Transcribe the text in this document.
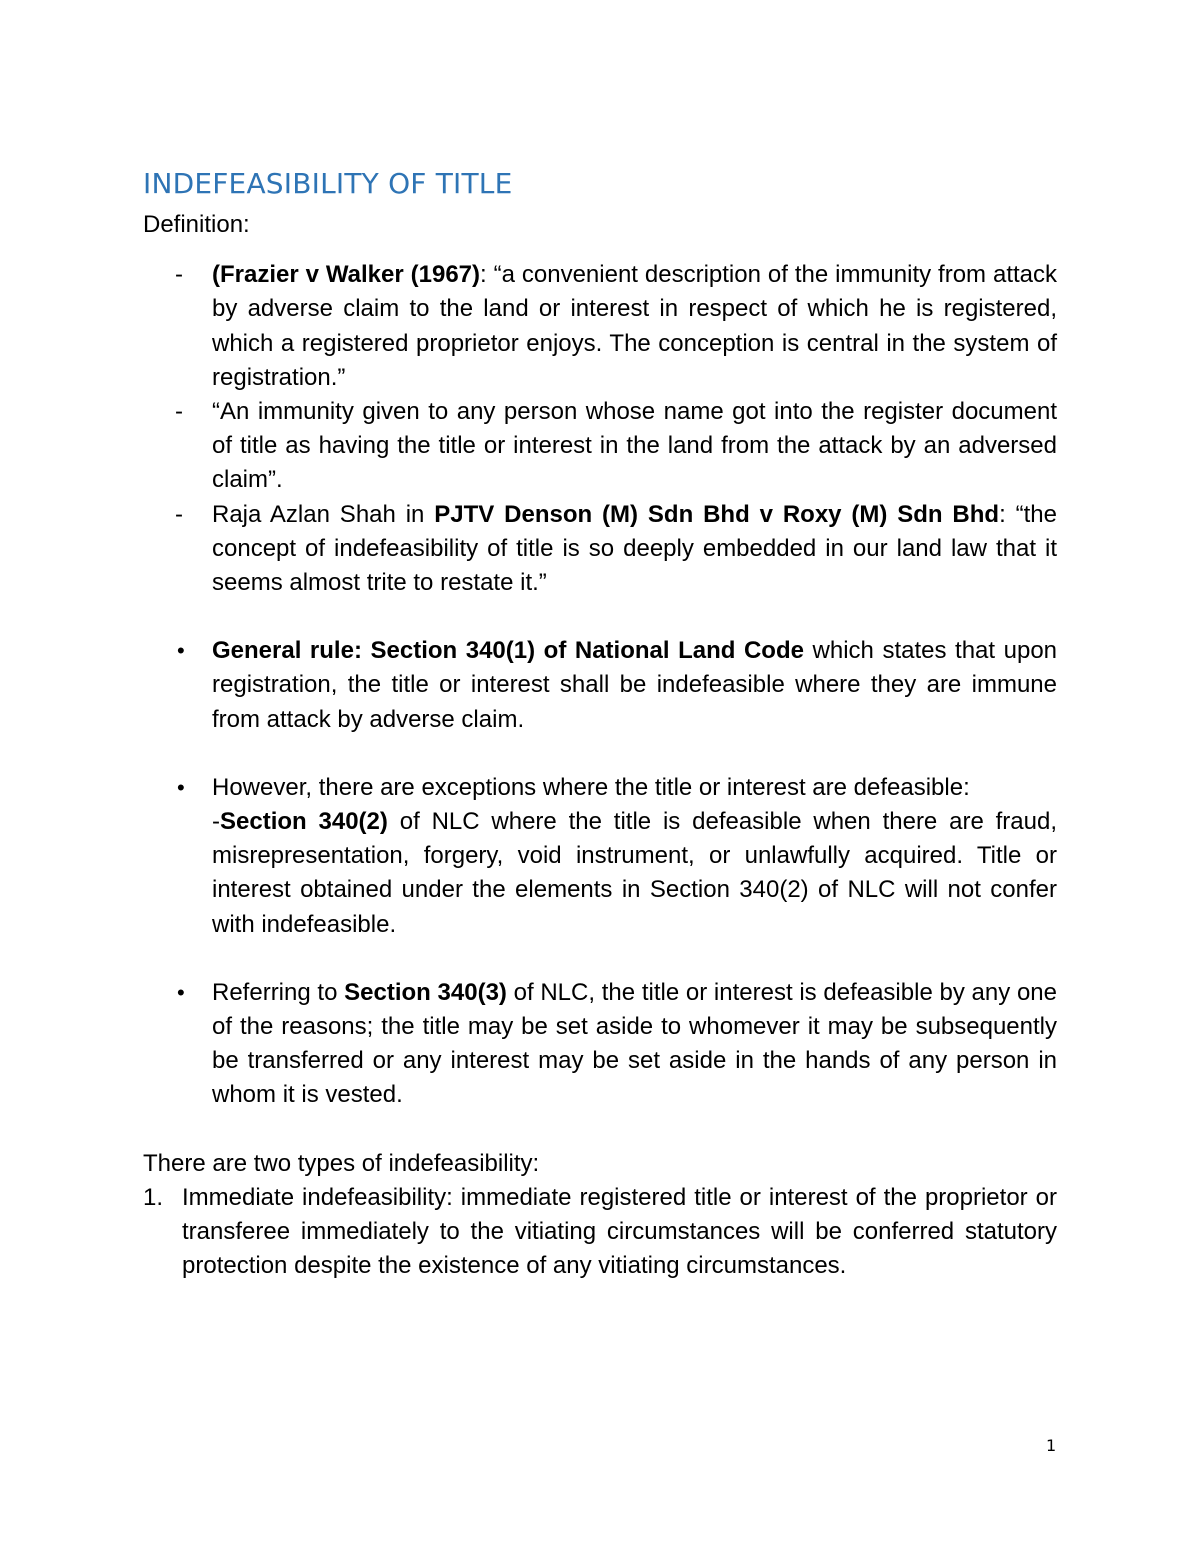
INDEFEASIBILITY OF TITLE
Definition:
- (Frazier v Walker (1967): “a convenient description of the immunity from attack by adverse claim to the land or interest in respect of which he is registered, which a registered proprietor enjoys. The conception is central in the system of registration.”
- “An immunity given to any person whose name got into the register document of title as having the title or interest in the land from the attack by an adversed claim”.
- Raja Azlan Shah in PJTV Denson (M) Sdn Bhd v Roxy (M) Sdn Bhd: “the concept of indefeasibility of title is so deeply embedded in our land law that it seems almost trite to restate it.”
• General rule: Section 340(1) of National Land Code which states that upon registration, the title or interest shall be indefeasible where they are immune from attack by adverse claim.
• However, there are exceptions where the title or interest are defeasible:
-Section 340(2) of NLC where the title is defeasible when there are fraud, misrepresentation, forgery, void instrument, or unlawfully acquired. Title or interest obtained under the elements in Section 340(2) of NLC will not confer with indefeasible.
• Referring to Section 340(3) of NLC, the title or interest is defeasible by any one of the reasons; the title may be set aside to whomever it may be subsequently be transferred or any interest may be set aside in the hands of any person in whom it is vested.
There are two types of indefeasibility:
1. Immediate indefeasibility: immediate registered title or interest of the proprietor or transferee immediately to the vitiating circumstances will be conferred statutory protection despite the existence of any vitiating circumstances.
1
